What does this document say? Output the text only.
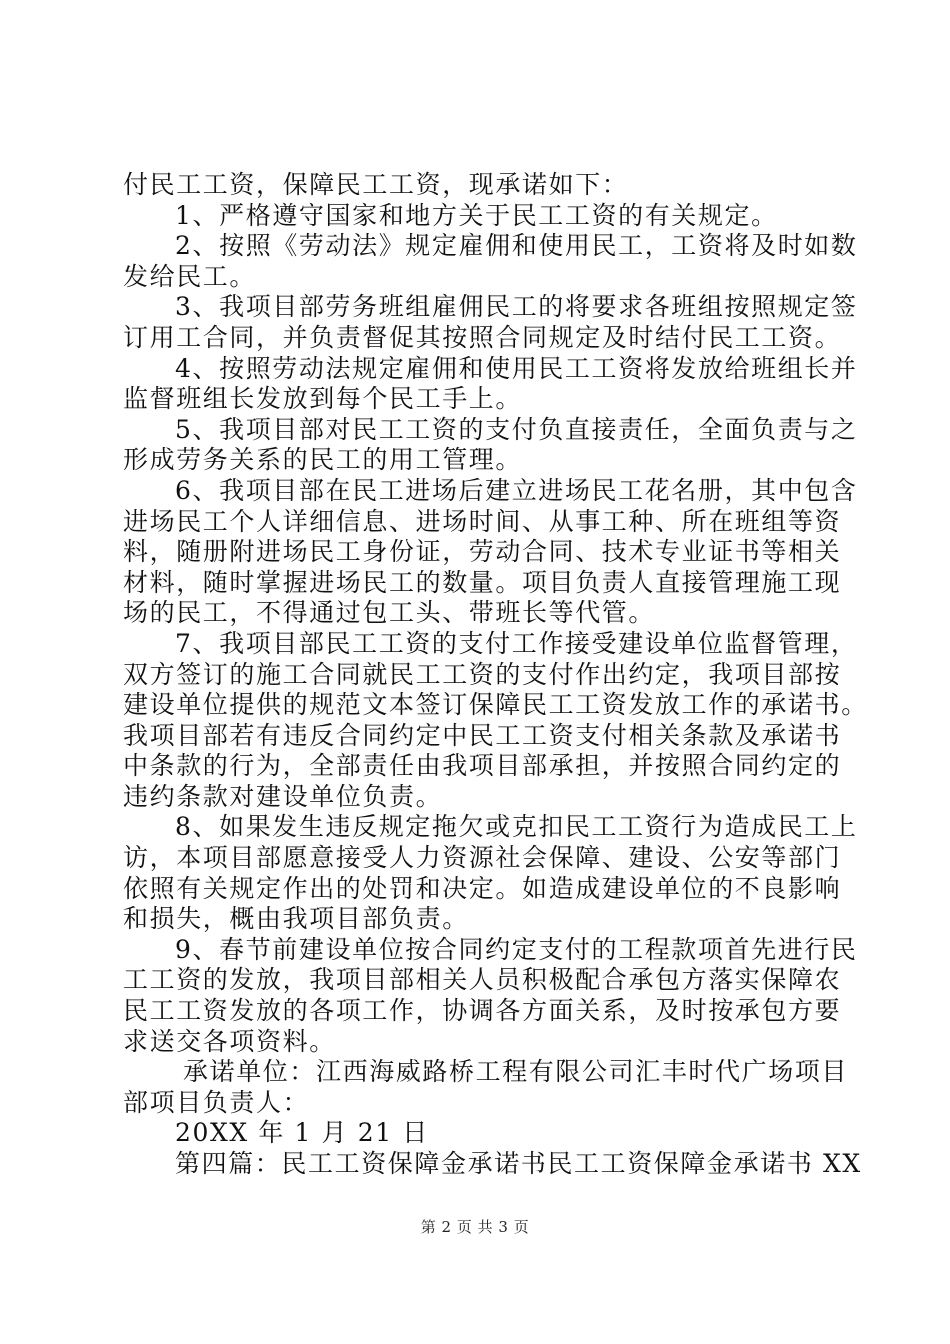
付民工工资，保障民工工资，现承诺如下：
1、严格遵守国家和地方关于民工工资的有关规定。
2、按照《劳动法》规定雇佣和使用民工，工资将及时如数
发给民工。
3、我项目部劳务班组雇佣民工的将要求各班组按照规定签
订用工合同，并负责督促其按照合同规定及时结付民工工资。
4、按照劳动法规定雇佣和使用民工工资将发放给班组长并
监督班组长发放到每个民工手上。
5、我项目部对民工工资的支付负直接责任，全面负责与之
形成劳务关系的民工的用工管理。
6、我项目部在民工进场后建立进场民工花名册，其中包含
进场民工个人详细信息、进场时间、从事工种、所在班组等资
料，随册附进场民工身份证，劳动合同、技术专业证书等相关
材料，随时掌握进场民工的数量。项目负责人直接管理施工现
场的民工，不得通过包工头、带班长等代管。
7、我项目部民工工资的支付工作接受建设单位监督管理，
双方签订的施工合同就民工工资的支付作出约定，我项目部按
建设单位提供的规范文本签订保障民工工资发放工作的承诺书。
我项目部若有违反合同约定中民工工资支付相关条款及承诺书
中条款的行为，全部责任由我项目部承担，并按照合同约定的
违约条款对建设单位负责。
8、如果发生违反规定拖欠或克扣民工工资行为造成民工上
访，本项目部愿意接受人力资源社会保障、建设、公安等部门
依照有关规定作出的处罚和决定。如造成建设单位的不良影响
和损失，概由我项目部负责。
9、春节前建设单位按合同约定支付的工程款项首先进行民
工工资的发放，我项目部相关人员积极配合承包方落实保障农
民工工资发放的各项工作，协调各方面关系，及时按承包方要
求送交各项资料。
承诺单位：江西海威路桥工程有限公司汇丰时代广场项目
部项目负责人：
20XX 年 1 月 21 日
第四篇：民工工资保障金承诺书民工工资保障金承诺书 XX
第 2 页 共 3 页
